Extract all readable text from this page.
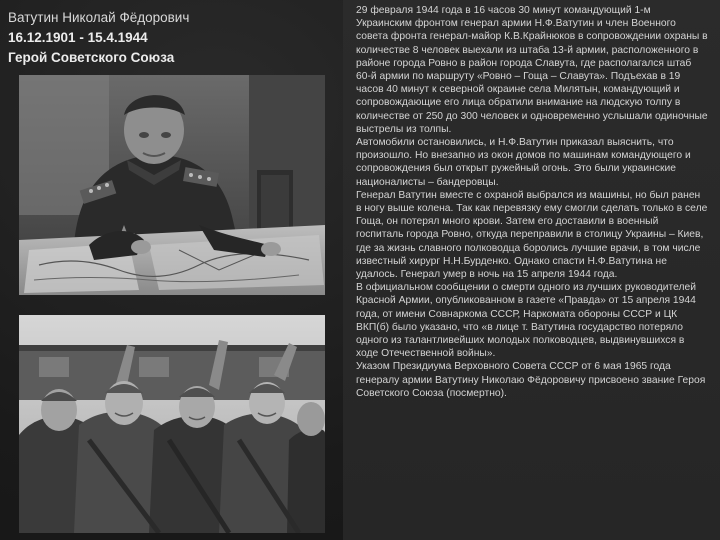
Ватутин Николай Фёдорович
16.12.1901 - 15.4.1944
Герой Советского Союза

29 февраля 1944 года в 16 часов 30 минут командующий 1-м Украинским фронтом генерал армии Н.Ф.Ватутин и член Военного совета фронта генерал-майор К.В.Крайнюков в сопровождении охраны в количестве 8 человек выехали из штаба 13-й армии, расположенного в районе города Ровно в район города Славута, где располагался штаб 60-й армии по маршруту «Ровно – Гоща – Славута». Подъехав в 19 часов 40 минут к северной окраине села Милятын, командующий и сопровождающие его лица обратили внимание на людскую толпу в количестве от 250 до 300 человек и одновременно услышали одиночные выстрелы из толпы.

Автомобили остановились, и Н.Ф.Ватутин приказал выяснить, что произошло. Но внезапно из окон домов по машинам командующего и сопровождения был открыт ружейный огонь. Это были украинские националисты – бандеровцы.

Генерал Ватутин вместе с охраной выбрался из машины, но был ранен в ногу выше колена. Так как перевязку ему смогли сделать только в селе Гоща, он потерял много крови. Затем его доставили в военный госпиталь города Ровно, откуда переправили в столицу Украины – Киев, где за жизнь славного полководца боролись лучшие врачи, в том числе известный хирург Н.Н.Бурденко. Однако спасти Н.Ф.Ватутина не удалось. Генерал умер в ночь на 15 апреля 1944 года.

В официальном сообщении о смерти одного из лучших руководителей Красной Армии, опубликованном в газете «Правда» от 15 апреля 1944 года, от имени Совнаркома СССР, Наркомата обороны СССР и ЦК ВКП(б) было указано, что «в лице т. Ватутина государство потеряло одного из талантливейших молодых полководцев, выдвинувшихся в ходе Отечественной войны».

Указом Президиума Верховного Совета СССР от 6 мая 1965 года генералу армии Ватутину Николаю Фёдоровичу присвоено звание Героя Советского Союза (посмертно).
